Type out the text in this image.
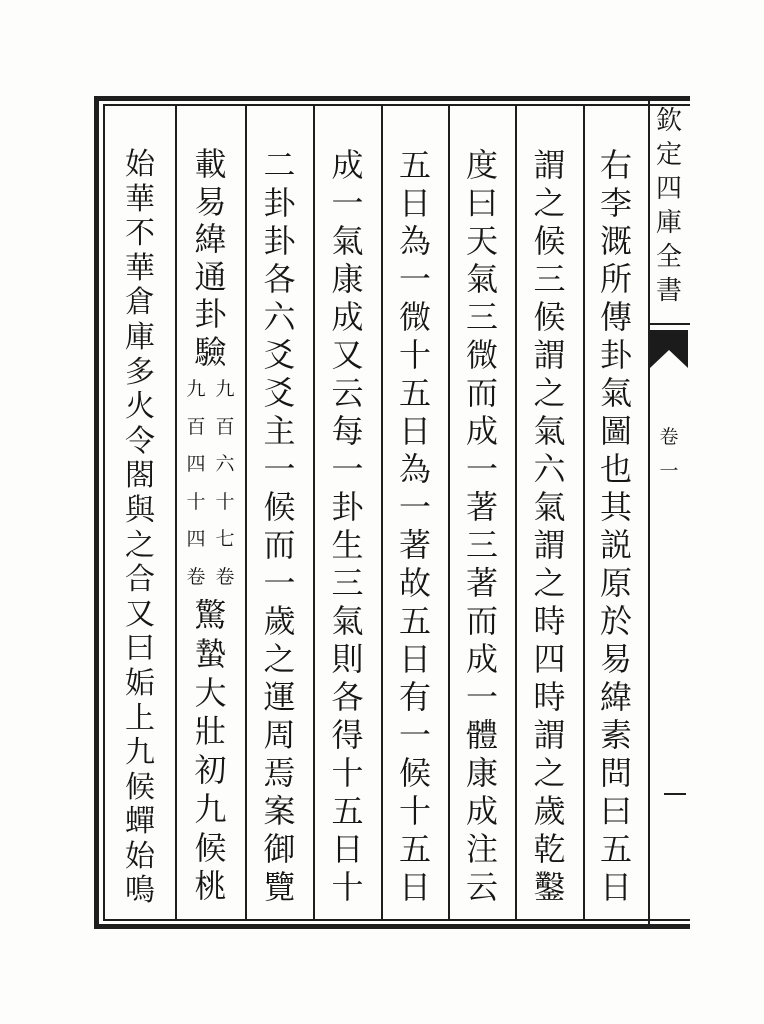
欽
定
四
庫
全
書
卷
一
右
李
溉
所
傳
卦
氣
圖
也
其
説
原
於
易
緯
素
問
曰
五
日
謂
之
候
三
候
謂
之
氣
六
氣
謂
之
時
四
時
謂
之
歲
乾
鑿
度
曰
天
氣
三
微
而
成
一
著
三
著
而
成
一
體
康
成
注
云
五
日
為
一
微
十
五
日
為
一
著
故
五
日
有
一
候
十
五
日
成
一
氣
康
成
又
云
每
一
卦
生
三
氣
則
各
得
十
五
日
十
二
卦
卦
各
六
爻
爻
主
一
候
而
一
歲
之
運
周
焉
案
御
覽
載
易
緯
通
卦
驗
九
百
六
十
七
卷
九
百
四
十
四
卷
驚
蟄
大
壯
初
九
候
桃
始
華
不
華
倉
庫
多
火
令
閤
與
之
合
又
曰
姤
上
九
候
蟬
始
鳴
